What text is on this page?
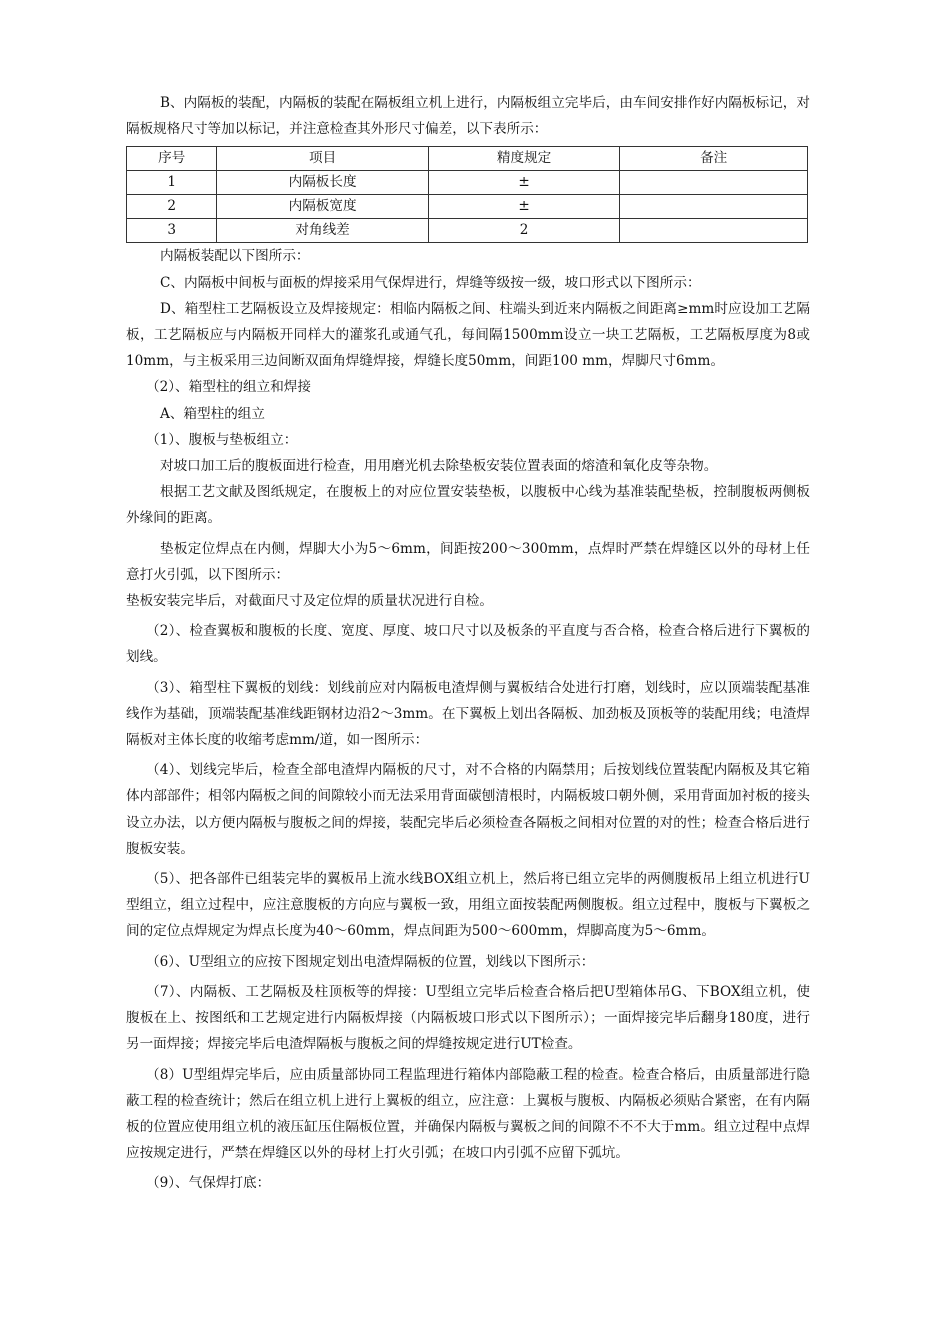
B、内隔板的装配，内隔板的装配在隔板组立机上进行，内隔板组立完毕后，由车间安排作好内隔板标记，对隔板规格尺寸等加以标记，并注意检查其外形尺寸偏差，以下表所示：

序号	项目	精度规定	备注
1	内隔板长度	±	
2	内隔板宽度	±	
3	对角线差	2	

内隔板装配以下图所示：

C、内隔板中间板与面板的焊接采用气保焊进行，焊缝等级按一级，坡口形式以下图所示：

D、箱型柱工艺隔板设立及焊接规定：相临内隔板之间、柱端头到近来内隔板之间距离≥mm时应设加工艺隔板，工艺隔板应与内隔板开同样大的灌浆孔或通气孔，每间隔1500mm设立一块工艺隔板，工艺隔板厚度为8或10mm，与主板采用三边间断双面角焊缝焊接，焊缝长度50mm，间距100 mm，焊脚尺寸6mm。

（2）、箱型柱的组立和焊接

A、箱型柱的组立

（1）、腹板与垫板组立：

对坡口加工后的腹板面进行检查，用用磨光机去除垫板安装位置表面的熔渣和氧化皮等杂物。

根据工艺文献及图纸规定，在腹板上的对应位置安装垫板，以腹板中心线为基准装配垫板，控制腹板两侧板外缘间的距离。

垫板定位焊点在内侧，焊脚大小为5～6mm，间距按200～300mm，点焊时严禁在焊缝区以外的母材上任意打火引弧，以下图所示：

垫板安装完毕后，对截面尺寸及定位焊的质量状况进行自检。

（2）、检查翼板和腹板的长度、宽度、厚度、坡口尺寸以及板条的平直度与否合格，检查合格后进行下翼板的划线。

（3）、箱型柱下翼板的划线：划线前应对内隔板电渣焊侧与翼板结合处进行打磨，划线时，应以顶端装配基准线作为基础，顶端装配基准线距钢材边沿2～3mm。在下翼板上划出各隔板、加劲板及顶板等的装配用线；电渣焊隔板对主体长度的收缩考虑mm/道，如一图所示：

（4）、划线完毕后，检查全部电渣焊内隔板的尺寸，对不合格的内隔禁用；后按划线位置装配内隔板及其它箱体内部部件；相邻内隔板之间的间隙较小而无法采用背面碳刨清根时，内隔板坡口朝外侧，采用背面加衬板的接头设立办法，以方便内隔板与腹板之间的焊接，装配完毕后必须检查各隔板之间相对位置的对的性；检查合格后进行腹板安装。

（5）、把各部件已组装完毕的翼板吊上流水线BOX组立机上，然后将已组立完毕的两侧腹板吊上组立机进行U型组立，组立过程中，应注意腹板的方向应与翼板一致，用组立面按装配两侧腹板。组立过程中，腹板与下翼板之间的定位点焊规定为焊点长度为40～60mm，焊点间距为500～600mm，焊脚高度为5～6mm。

（6）、U型组立的应按下图规定划出电渣焊隔板的位置，划线以下图所示：

（7）、内隔板、工艺隔板及柱顶板等的焊接：U型组立完毕后检查合格后把U型箱体吊G、下BOX组立机，使腹板在上、按图纸和工艺规定进行内隔板焊接（内隔板坡口形式以下图所示）；一面焊接完毕后翻身180度，进行另一面焊接；焊接完毕后电渣焊隔板与腹板之间的焊缝按规定进行UT检查。

（8）U型组焊完毕后，应由质量部协同工程监理进行箱体内部隐蔽工程的检查。检查合格后，由质量部进行隐蔽工程的检查统计；然后在组立机上进行上翼板的组立，应注意：上翼板与腹板、内隔板必须贴合紧密，在有内隔板的位置应使用组立机的液压缸压住隔板位置，并确保内隔板与翼板之间的间隙不不不大于mm。组立过程中点焊应按规定进行，严禁在焊缝区以外的母材上打火引弧；在坡口内引弧不应留下弧坑。

（9）、气保焊打底：
